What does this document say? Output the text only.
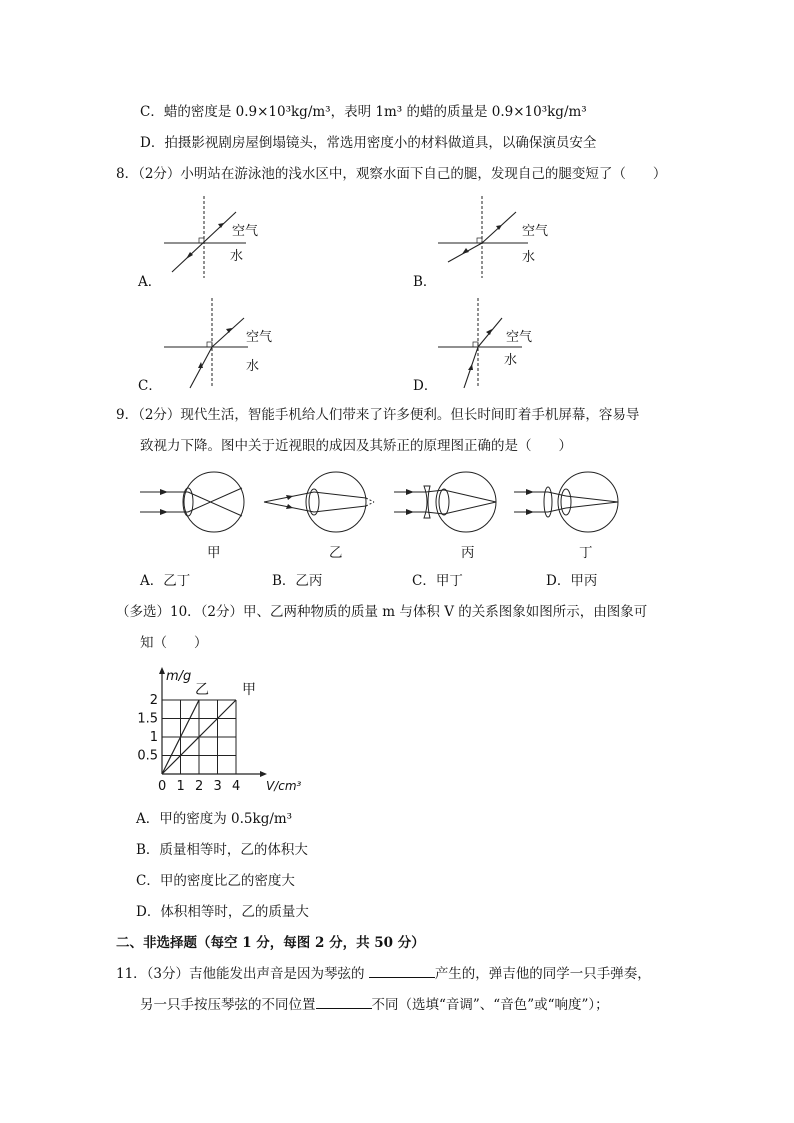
C．蜡的密度是 0.9×10³kg/m³，表明 1m³ 的蜡的质量是 0.9×10³kg/m³
D．拍摄影视剧房屋倒塌镜头，常选用密度小的材料做道具，以确保演员安全
8．（2分）小明站在游泳池的浅水区中，观察水面下自己的腿，发现自己的腿变短了（　　）
空气
水
A．
空气
水
B．
空气
水
C．
空气
水
D．
9．（2分）现代生活，智能手机给人们带来了许多便利。但长时间盯着手机屏幕，容易导
致视力下降。图中关于近视眼的成因及其矫正的原理图正确的是（　　）
甲	乙	丙	丁
A．乙丁	B．乙丙	C．甲丁	D．甲丙
（多选）10．（2分）甲、乙两种物质的质量 m 与体积 V 的关系图象如图所示，由图象可
知（　　）
乙 甲
0 1 2 3 4
0.5
1
1.5
2
m/g
V/cm³
A．甲的密度为 0.5kg/m³
B．质量相等时，乙的体积大
C．甲的密度比乙的密度大
D．体积相等时，乙的质量大
二、非选择题（每空 1 分，每图 2 分，共 50 分）
11．（3分）吉他能发出声音是因为琴弦的	产生的，弹吉他的同学一只手弹奏，
另一只手按压琴弦的不同位置	不同（选填“音调”、“音色”或“响度”）；
